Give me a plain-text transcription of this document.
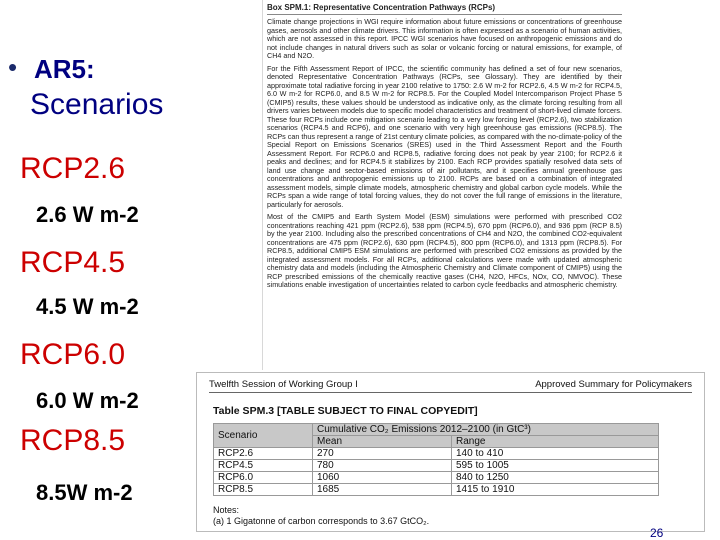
• AR5:
Scenarios
RCP2.6
2.6 W m-2
RCP4.5
4.5 W m-2
RCP6.0
6.0 W m-2
RCP8.5
8.5W m-2
Box SPM.1: Representative Concentration Pathways (RCPs)

Climate change projections in WGI require information about future emissions or concentrations of greenhouse gases, aerosols and other climate drivers. This information is often expressed as a scenario of human activities, which are not assessed in this report. IPCC WGI scenarios have focused on anthropogenic emissions and do not include changes in natural drivers such as solar or volcanic forcing or natural emissions, for example, of CH4 and N2O.

For the Fifth Assessment Report of IPCC, the scientific community has defined a set of four new scenarios, denoted Representative Concentration Pathways (RCPs, see Glossary). They are identified by their approximate total radiative forcing in year 2100 relative to 1750: 2.6 W m-2 for RCP2.6, 4.5 W m-2 for RCP4.5, 6.0 W m-2 for RCP6.0, and 8.5 W m-2 for RCP8.5. For the Coupled Model Intercomparison Project Phase 5 (CMIP5) results, these values should be understood as indicative only, as the climate forcing resulting from all drivers varies between models due to specific model characteristics and treatment of short-lived climate forcers. These four RCPs include one mitigation scenario leading to a very low forcing level (RCP2.6), two stabilization scenarios (RCP4.5 and RCP6), and one scenario with very high greenhouse gas emissions (RCP8.5). The RCPs can thus represent a range of 21st century climate policies, as compared with the no-climate-policy of the Special Report on Emissions Scenarios (SRES) used in the Third Assessment Report and the Fourth Assessment Report. For RCP6.0 and RCP8.5, radiative forcing does not peak by year 2100; for RCP2.6 it peaks and declines; and for RCP4.5 it stabilizes by 2100. Each RCP provides spatially resolved data sets of land use change and sector-based emissions of air pollutants, and it specifies annual greenhouse gas concentrations and anthropogenic emissions up to 2100. RCPs are based on a combination of integrated assessment models, simple climate models, atmospheric chemistry and global carbon cycle models. While the RCPs span a wide range of total forcing values, they do not cover the full range of emissions in the literature, particularly for aerosols.

Most of the CMIP5 and Earth System Model (ESM) simulations were performed with prescribed CO2 concentrations reaching 421 ppm (RCP2.6), 538 ppm (RCP4.5), 670 ppm (RCP6.0), and 936 ppm (RCP 8.5) by the year 2100. Including also the prescribed concentrations of CH4 and N2O, the combined CO2-equivalent concentrations are 475 ppm (RCP2.6), 630 ppm (RCP4.5), 800 ppm (RCP6.0), and 1313 ppm (RCP8.5). For RCP8.5, additional CMIP5 ESM simulations are performed with prescribed CO2 emissions as provided by the integrated assessment models. For all RCPs, additional calculations were made with updated atmospheric chemistry data and models (including the Atmospheric Chemistry and Climate component of CMIP5) using the RCP prescribed emissions of the chemically reactive gases (CH4, N2O, HFCs, NOx, CO, NMVOC). These simulations enable investigation of uncertainties related to carbon cycle feedbacks and atmospheric chemistry.

Twelfth Session of Working Group I	Approved Summary for Policymakers
Table SPM.3 [TABLE SUBJECT TO FINAL COPYEDIT]
Scenario	Cumulative CO₂ Emissions 2012–2100 (in GtC³)	
	Mean	Range
RCP2.6	270	140 to 410
RCP4.5	780	595 to 1005
RCP6.0	1060	840 to 1250
RCP8.5	1685	1415 to 1910
Notes:
(a) 1 Gigatonne of carbon corresponds to 3.67 GtCO₂.
26
